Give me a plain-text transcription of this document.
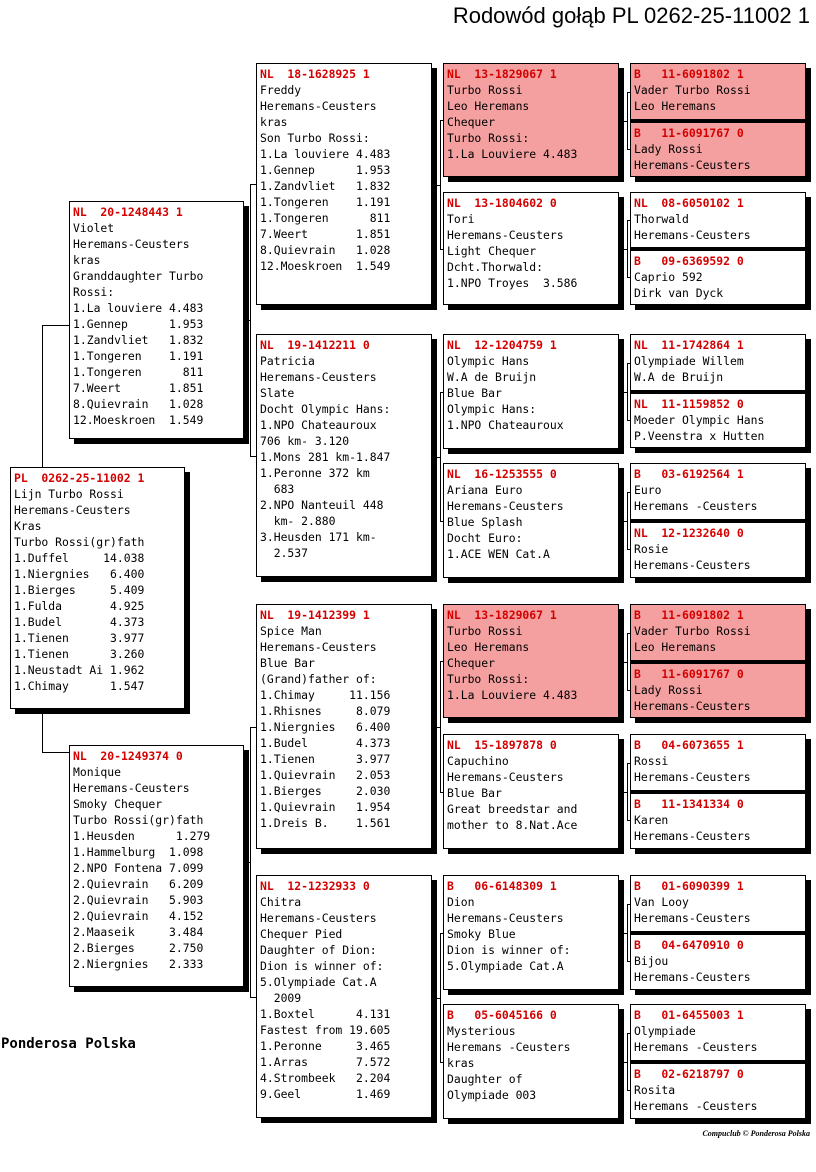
Rodowód gołąb PL 0262-25-11002 1
Ponderosa Polska
Compuclub © Ponderosa Polska
PL  0262-25-11002 1
Lijn Turbo Rossi
Heremans-Ceusters
Kras
Turbo Rossi(gr)fath
1.Duffel     14.038
1.Niergnies   6.400
1.Bierges     5.409
1.Fulda       4.925
1.Budel       4.373
1.Tienen      3.977
1.Tienen      3.260
1.Neustadt Ai 1.962
1.Chimay      1.547
NL  20-1248443 1
Violet
Heremans-Ceusters
kras
Granddaughter Turbo
Rossi:
1.La louviere 4.483
1.Gennep      1.953
1.Zandvliet   1.832
1.Tongeren    1.191
1.Tongeren      811
7.Weert       1.851
8.Quievrain   1.028
12.Moeskroen  1.549
NL  20-1249374 0
Monique
Heremans-Ceusters
Smoky Chequer
Turbo Rossi(gr)fath
1.Heusden      1.279
1.Hammelburg  1.098
2.NPO Fontena 7.099
2.Quievrain   6.209
2.Quievrain   5.903
2.Quievrain   4.152
2.Maaseik     3.484
2.Bierges     2.750
2.Niergnies   2.333
NL  18-1628925 1
Freddy
Heremans-Ceusters
kras
Son Turbo Rossi:
1.La louviere 4.483
1.Gennep      1.953
1.Zandvliet   1.832
1.Tongeren    1.191
1.Tongeren      811
7.Weert       1.851
8.Quievrain   1.028
12.Moeskroen  1.549
NL  19-1412211 0
Patricia
Heremans-Ceusters
Slate
Docht Olympic Hans:
1.NPO Chateauroux
706 km- 3.120
1.Mons 281 km-1.847
1.Peronne 372 km
683
2.NPO Nanteuil 448
km- 2.880
3.Heusden 171 km-
2.537
NL  19-1412399 1
Spice Man
Heremans-Ceusters
Blue Bar
(Grand)father of:
1.Chimay     11.156
1.Rhisnes     8.079
1.Niergnies   6.400
1.Budel       4.373
1.Tienen      3.977
1.Quievrain   2.053
1.Bierges     2.030
1.Quievrain   1.954
1.Dreis B.    1.561
NL  12-1232933 0
Chitra
Heremans-Ceusters
Chequer Pied
Daughter of Dion:
Dion is winner of:
5.Olympiade Cat.A
2009
1.Boxtel      4.131
Fastest from 19.605
1.Peronne     3.465
1.Arras       7.572
4.Strombeek   2.204
9.Geel        1.469
NL  13-1829067 1
Turbo Rossi
Leo Heremans
Chequer
Turbo Rossi:
1.La Louviere 4.483
NL  13-1804602 0
Tori
Heremans-Ceusters
Light Chequer
Dcht.Thorwald:
1.NPO Troyes  3.586
NL  12-1204759 1
Olympic Hans
W.A de Bruijn
Blue Bar
Olympic Hans:
1.NPO Chateauroux
NL  16-1253555 0
Ariana Euro
Heremans-Ceusters
Blue Splash
Docht Euro:
1.ACE WEN Cat.A
NL  13-1829067 1
Turbo Rossi
Leo Heremans
Chequer
Turbo Rossi:
1.La Louviere 4.483
NL  15-1897878 0
Capuchino
Heremans-Ceusters
Blue Bar
Great breedstar and
mother to 8.Nat.Ace
B   06-6148309 1
Dion
Heremans-Ceusters
Smoky Blue
Dion is winner of:
5.Olympiade Cat.A
B   05-6045166 0
Mysterious
Heremans -Ceusters
kras
Daughter of
Olympiade 003
B   11-6091802 1
Vader Turbo Rossi
Leo Heremans
B   11-6091767 0
Lady Rossi
Heremans-Ceusters
NL  08-6050102 1
Thorwald
Heremans-Ceusters
B   09-6369592 0
Caprio 592
Dirk van Dyck
NL  11-1742864 1
Olympiade Willem
W.A de Bruijn
NL  11-1159852 0
Moeder Olympic Hans
P.Veenstra x Hutten
B   03-6192564 1
Euro
Heremans -Ceusters
NL  12-1232640 0
Rosie
Heremans-Ceusters
B   11-6091802 1
Vader Turbo Rossi
Leo Heremans
B   11-6091767 0
Lady Rossi
Heremans-Ceusters
B   04-6073655 1
Rossi
Heremans-Ceusters
B   11-1341334 0
Karen
Heremans-Ceusters
B   01-6090399 1
Van Looy
Heremans-Ceusters
B   04-6470910 0
Bijou
Heremans-Ceusters
B   01-6455003 1
Olympiade
Heremans -Ceusters
B   02-6218797 0
Rosita
Heremans -Ceusters
